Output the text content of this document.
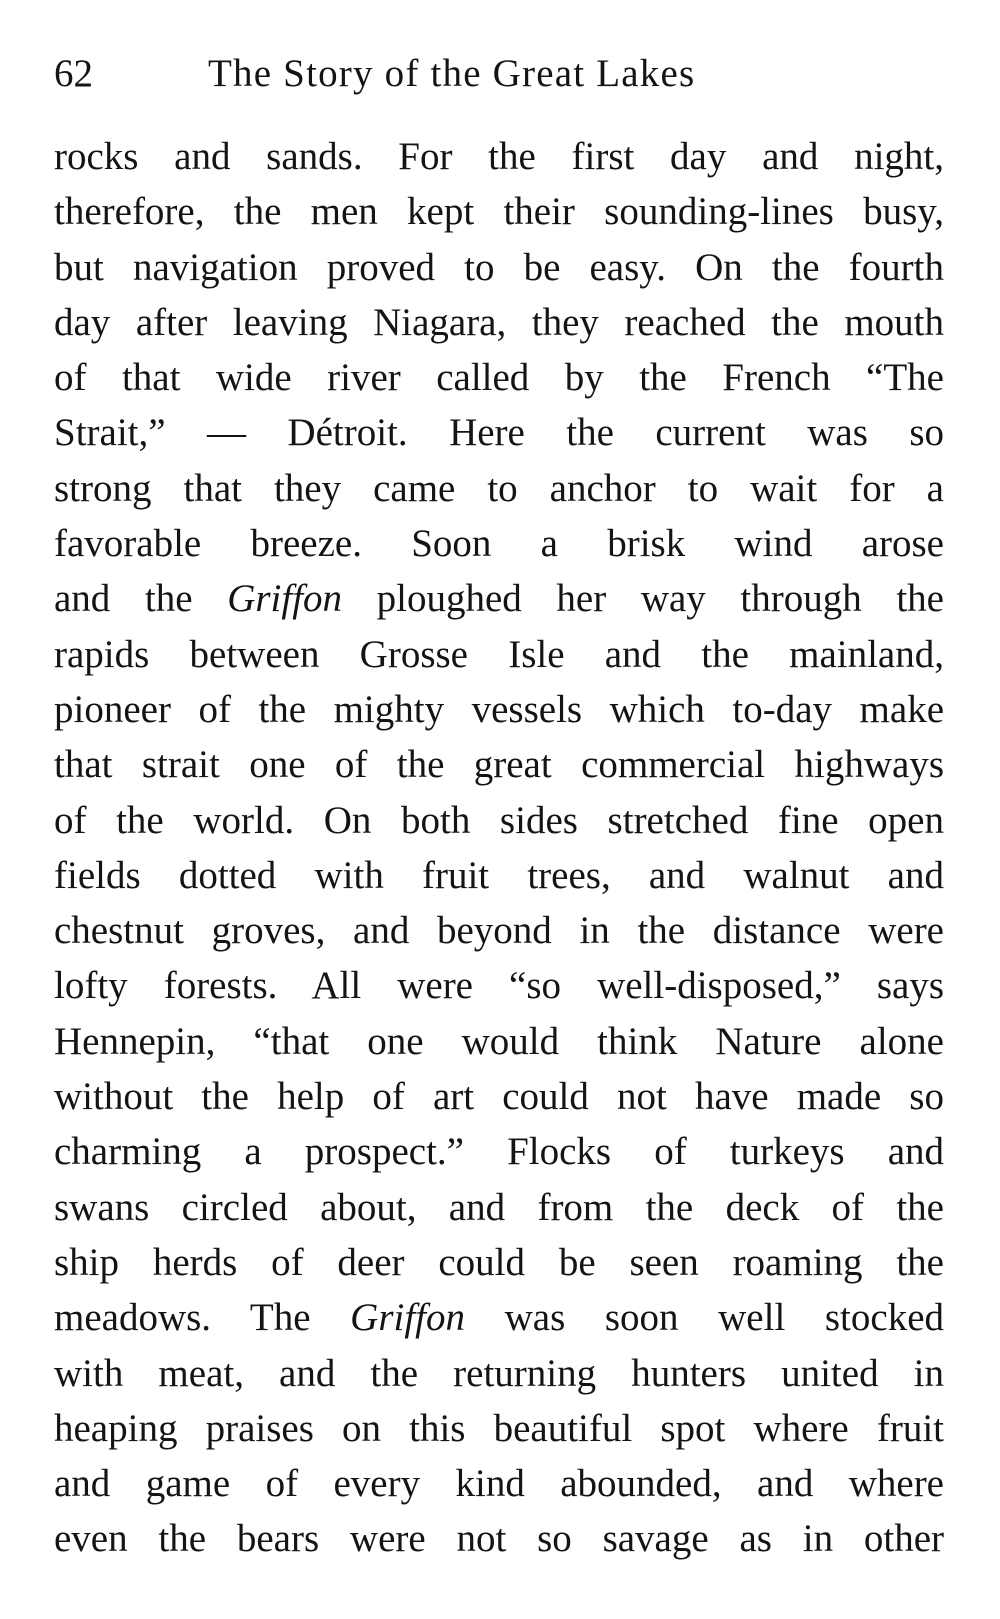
62	The Story of the Great Lakes
rocks and sands. For the first day and night,
therefore, the men kept their sounding-lines busy,
but navigation proved to be easy. On the fourth
day after leaving Niagara, they reached the mouth
of that wide river called by the French “The
Strait,” — Détroit. Here the current was so
strong that they came to anchor to wait for a
favorable breeze. Soon a brisk wind arose
and the Griffon ploughed her way through the
rapids between Grosse Isle and the mainland,
pioneer of the mighty vessels which to-day make
that strait one of the great commercial highways
of the world. On both sides stretched fine open
fields dotted with fruit trees, and walnut and
chestnut groves, and beyond in the distance were
lofty forests. All were “so well-disposed,” says
Hennepin, “that one would think Nature alone
without the help of art could not have made so
charming a prospect.” Flocks of turkeys and
swans circled about, and from the deck of the
ship herds of deer could be seen roaming the
meadows. The Griffon was soon well stocked
with meat, and the returning hunters united in
heaping praises on this beautiful spot where fruit
and game of every kind abounded, and where
even the bears were not so savage as in other
